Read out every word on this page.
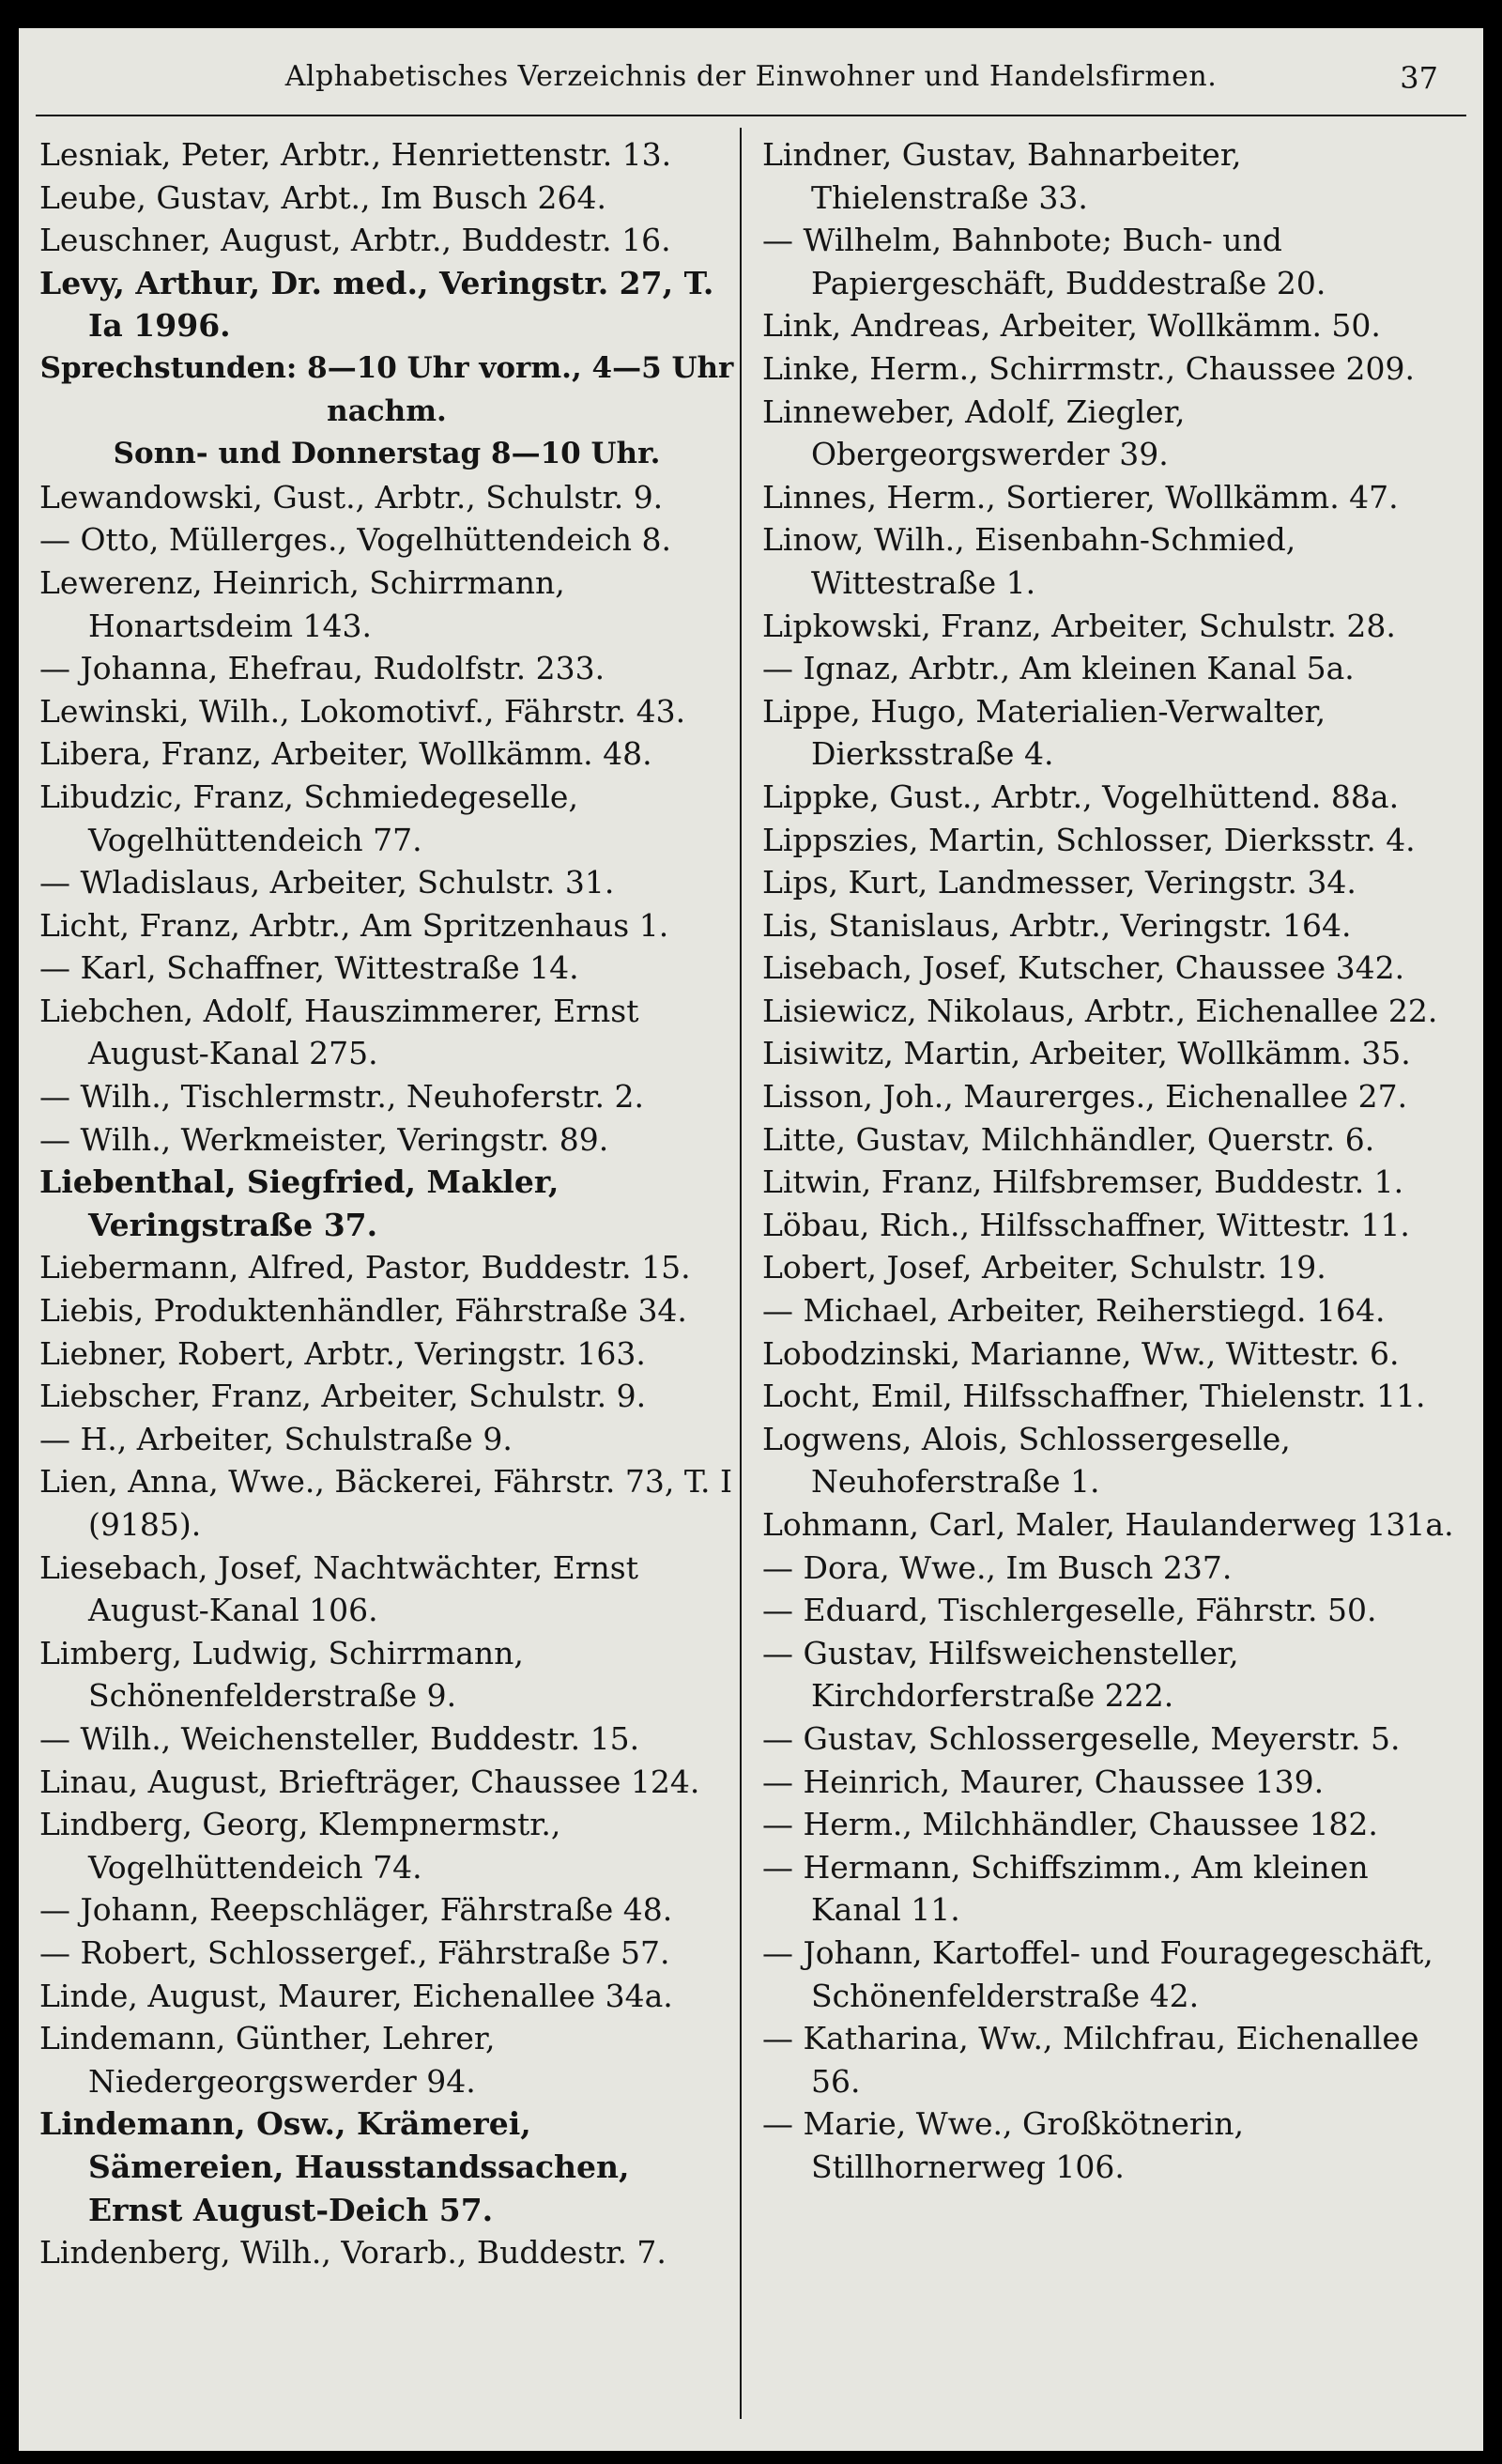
Alphabetisches Verzeichnis der Einwohner und Handelsfirmen.	37

Lesniak, Peter, Arbtr., Henriettenstr. 13.

Leube, Gustav, Arbt., Im Busch 264.

Leuschner, August, Arbtr., Buddestr. 16.

Levy, Arthur, Dr. med., Veringstr. 27, T. Ia 1996.

Sprechstunden: 8—10 Uhr vorm., 4—5 Uhr nachm.

Sonn- und Donnerstag 8—10 Uhr.

Lewandowski, Gust., Arbtr., Schulstr. 9.

— Otto, Müllerges., Vogelhüttendeich 8.

Lewerenz, Heinrich, Schirrmann, Honartsdeim 143.

— Johanna, Ehefrau, Rudolfstr. 233.

Lewinski, Wilh., Lokomotivf., Fährstr. 43.

Libera, Franz, Arbeiter, Wollkämm. 48.

Libudzic, Franz, Schmiedegeselle, Vogelhüttendeich 77.

— Wladislaus, Arbeiter, Schulstr. 31.

Licht, Franz, Arbtr., Am Spritzenhaus 1.

— Karl, Schaffner, Wittestraße 14.

Liebchen, Adolf, Hauszimmerer, Ernst August-Kanal 275.

— Wilh., Tischlermstr., Neuhoferstr. 2.

— Wilh., Werkmeister, Veringstr. 89.

Liebenthal, Siegfried, Makler, Veringstraße 37.

Liebermann, Alfred, Pastor, Buddestr. 15.

Liebis, Produktenhändler, Fährstraße 34.

Liebner, Robert, Arbtr., Veringstr. 163.

Liebscher, Franz, Arbeiter, Schulstr. 9.

— H., Arbeiter, Schulstraße 9.

Lien, Anna, Wwe., Bäckerei, Fährstr. 73, T. I (9185).

Liesebach, Josef, Nachtwächter, Ernst August-Kanal 106.

Limberg, Ludwig, Schirrmann, Schönenfelderstraße 9.

— Wilh., Weichensteller, Buddestr. 15.

Linau, August, Briefträger, Chaussee 124.

Lindberg, Georg, Klempnermstr., Vogelhüttendeich 74.

— Johann, Reepschläger, Fährstraße 48.

— Robert, Schlossergef., Fährstraße 57.

Linde, August, Maurer, Eichenallee 34a.

Lindemann, Günther, Lehrer, Niedergeorgswerder 94.

Lindemann, Osw., Krämerei, Sämereien, Hausstandssachen, Ernst August-Deich 57.

Lindenberg, Wilh., Vorarb., Buddestr. 7.

Lindner, Gustav, Bahnarbeiter, Thielenstraße 33.

— Wilhelm, Bahnbote; Buch- und Papiergeschäft, Buddestraße 20.

Link, Andreas, Arbeiter, Wollkämm. 50.

Linke, Herm., Schirrmstr., Chaussee 209.

Linneweber, Adolf, Ziegler, Obergeorgswerder 39.

Linnes, Herm., Sortierer, Wollkämm. 47.

Linow, Wilh., Eisenbahn-Schmied, Wittestraße 1.

Lipkowski, Franz, Arbeiter, Schulstr. 28.

— Ignaz, Arbtr., Am kleinen Kanal 5a.

Lippe, Hugo, Materialien-Verwalter, Dierksstraße 4.

Lippke, Gust., Arbtr., Vogelhüttend. 88a.

Lippszies, Martin, Schlosser, Dierksstr. 4.

Lips, Kurt, Landmesser, Veringstr. 34.

Lis, Stanislaus, Arbtr., Veringstr. 164.

Lisebach, Josef, Kutscher, Chaussee 342.

Lisiewicz, Nikolaus, Arbtr., Eichenallee 22.

Lisiwitz, Martin, Arbeiter, Wollkämm. 35.

Lisson, Joh., Maurerges., Eichenallee 27.

Litte, Gustav, Milchhändler, Querstr. 6.

Litwin, Franz, Hilfsbremser, Buddestr. 1.

Löbau, Rich., Hilfsschaffner, Wittestr. 11.

Lobert, Josef, Arbeiter, Schulstr. 19.

— Michael, Arbeiter, Reiherstiegd. 164.

Lobodzinski, Marianne, Ww., Wittestr. 6.

Locht, Emil, Hilfsschaffner, Thielenstr. 11.

Logwens, Alois, Schlossergeselle, Neuhoferstraße 1.

Lohmann, Carl, Maler, Haulanderweg 131a.

— Dora, Wwe., Im Busch 237.

— Eduard, Tischlergeselle, Fährstr. 50.

— Gustav, Hilfsweichensteller, Kirchdorferstraße 222.

— Gustav, Schlossergeselle, Meyerstr. 5.

— Heinrich, Maurer, Chaussee 139.

— Herm., Milchhändler, Chaussee 182.

— Hermann, Schiffszimm., Am kleinen Kanal 11.

— Johann, Kartoffel- und Fouragegeschäft, Schönenfelderstraße 42.

— Katharina, Ww., Milchfrau, Eichenallee 56.

— Marie, Wwe., Großkötnerin, Stillhornerweg 106.
